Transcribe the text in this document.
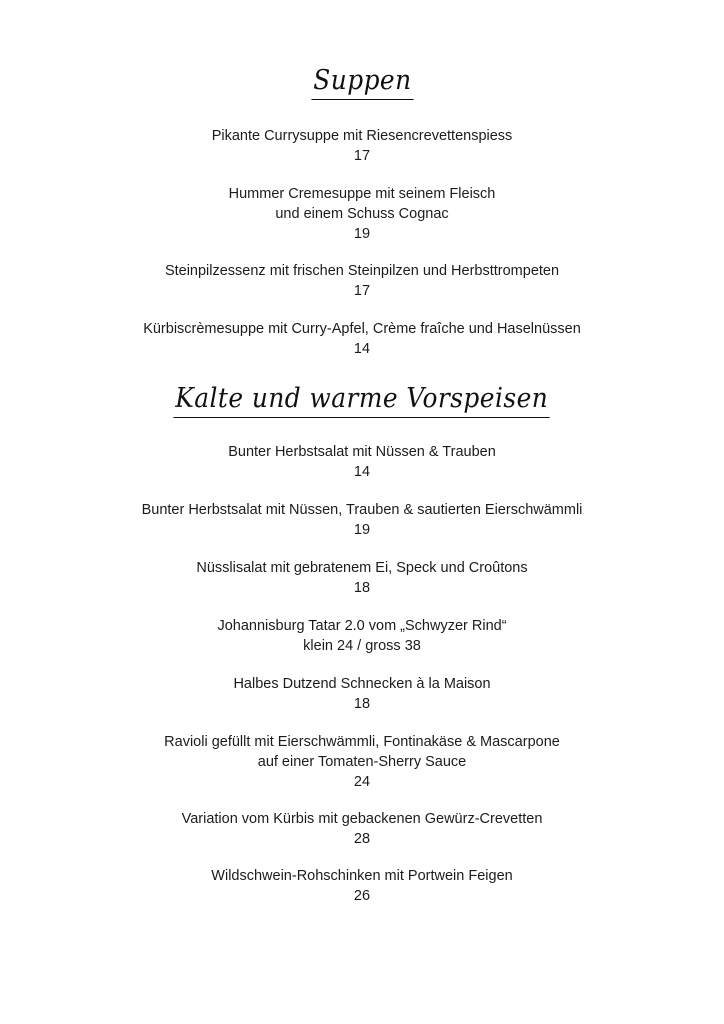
Suppen
Pikante Currysuppe mit Riesencrevettenspiess
17
Hummer Cremesuppe mit seinem Fleisch
und einem Schuss Cognac
19
Steinpilzessenz mit frischen Steinpilzen und Herbsttrompeten
17
Kürbiscrèmesuppe mit Curry-Apfel, Crème fraîche und Haselnüssen
14
Kalte und warme Vorspeisen
Bunter Herbstsalat mit Nüssen & Trauben
14
Bunter Herbstsalat mit Nüssen, Trauben & sautierten Eierschwämmli
19
Nüsslisalat mit gebratenem Ei, Speck und Croûtons
18
Johannisburg Tatar 2.0 vom „Schwyzer Rind“
klein 24 / gross 38
Halbes Dutzend Schnecken à la Maison
18
Ravioli gefüllt mit Eierschwämmli, Fontinakäse & Mascarpone
auf einer Tomaten-Sherry Sauce
24
Variation vom Kürbis mit gebackenen Gewürz-Crevetten
28
Wildschwein-Rohschinken mit Portwein Feigen
26
